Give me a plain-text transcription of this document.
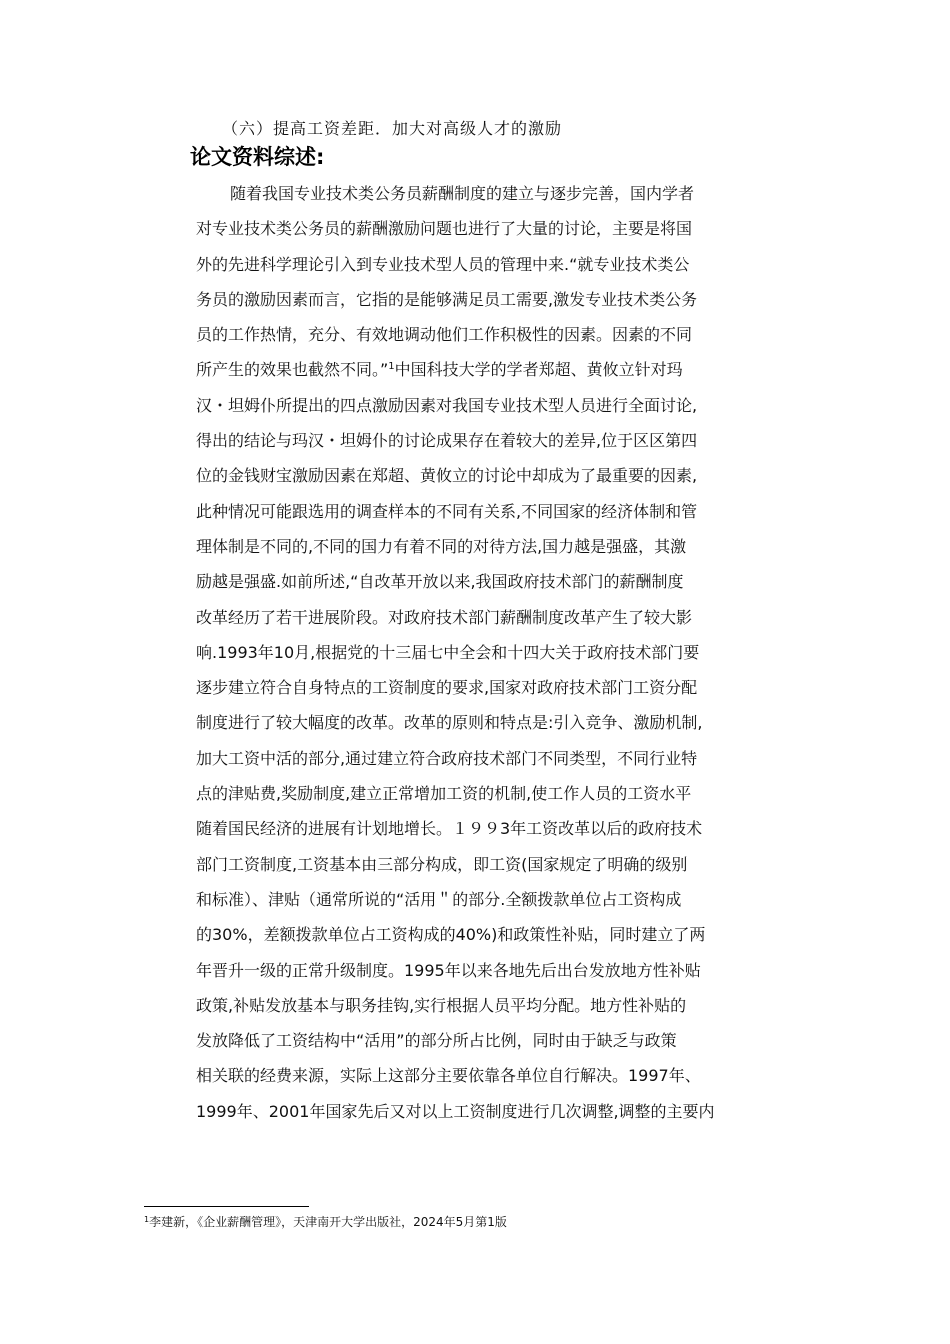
（六）提高工资差距．加大对高级人才的激励
论文资料综述:
随着我国专业技术类公务员薪酬制度的建立与逐步完善，国内学者
对专业技术类公务员的薪酬激励问题也进行了大量的讨论，主要是将国
外的先进科学理论引入到专业技术型人员的管理中来.“就专业技术类公
务员的激励因素而言，它指的是能够满足员工需要,激发专业技术类公务
员的工作热情，充分、有效地调动他们工作积极性的因素。因素的不同
所产生的效果也截然不同。”$^1$中国科技大学的学者郑超、黄攸立针对玛
汉・坦姆仆所提出的四点激励因素对我国专业技术型人员进行全面讨论,
得出的结论与玛汉・坦姆仆的讨论成果存在着较大的差异,位于区区第四
位的金钱财宝激励因素在郑超、黄攸立的讨论中却成为了最重要的因素,
此种情况可能跟选用的调查样本的不同有关系,不同国家的经济体制和管
理体制是不同的,不同的国力有着不同的对待方法,国力越是强盛，其激
励越是强盛.如前所述,“自改革开放以来,我国政府技术部门的薪酬制度
改革经历了若干进展阶段。对政府技术部门薪酬制度改革产生了较大影
响.1993年10月,根据党的十三届七中全会和十四大关于政府技术部门要
逐步建立符合自身特点的工资制度的要求,国家对政府技术部门工资分配
制度进行了较大幅度的改革。改革的原则和特点是:引入竞争、激励机制,
加大工资中活的部分,通过建立符合政府技术部门不同类型，不同行业特
点的津贴费,奖励制度,建立正常增加工资的机制,使工作人员的工资水平
随着国民经济的进展有计划地增长。１９９3年工资改革以后的政府技术
部门工资制度,工资基本由三部分构成，即工资(国家规定了明确的级别
和标准）、津贴（通常所说的“活用＂的部分.全额拨款单位占工资构成
的30%，差额拨款单位占工资构成的40%)和政策性补贴，同时建立了两
年晋升一级的正常升级制度。1995年以来各地先后出台发放地方性补贴
政策,补贴发放基本与职务挂钩,实行根据人员平均分配。地方性补贴的
发放降低了工资结构中“活用”的部分所占比例，同时由于缺乏与政策
相关联的经费来源，实际上这部分主要依靠各单位自行解决。1997年、
1999年、2001年国家先后又对以上工资制度进行几次调整,调整的主要内
$^1$李建新，《企业薪酬管理》，天津南开大学出版社，2024年5月第1版
